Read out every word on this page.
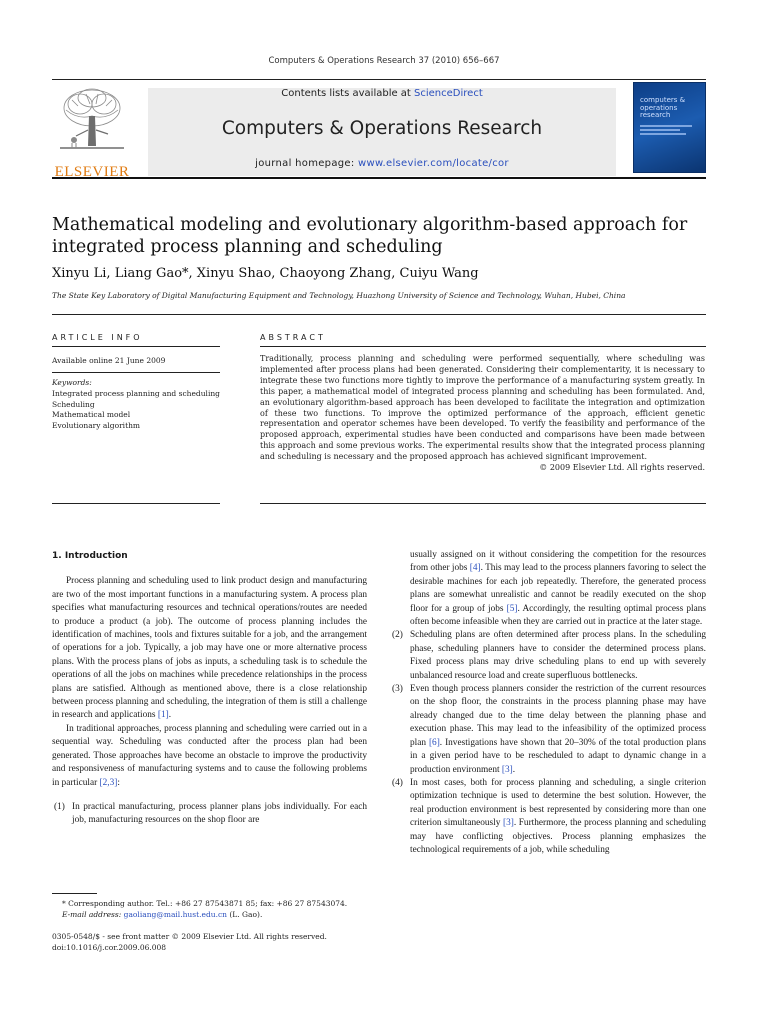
Computers & Operations Research 37 (2010) 656–667
ELSEVIER
Contents lists available at ScienceDirect
Computers & Operations Research
journal homepage: www.elsevier.com/locate/cor
computers & operations research
Mathematical modeling and evolutionary algorithm-based approach for integrated process planning and scheduling
Xinyu Li, Liang Gao*, Xinyu Shao, Chaoyong Zhang, Cuiyu Wang
The State Key Laboratory of Digital Manufacturing Equipment and Technology, Huazhong University of Science and Technology, Wuhan, Hubei, China
ARTICLE INFO	ABSTRACT
Available online 21 June 2009
Keywords:
Integrated process planning and scheduling
Scheduling
Mathematical model
Evolutionary algorithm
Traditionally, process planning and scheduling were performed sequentially, where scheduling was implemented after process plans had been generated. Considering their complementarity, it is necessary to integrate these two functions more tightly to improve the performance of a manufacturing system greatly. In this paper, a mathematical model of integrated process planning and scheduling has been formulated. And, an evolutionary algorithm-based approach has been developed to facilitate the integration and optimization of these two functions. To improve the optimized performance of the approach, efficient genetic representation and operator schemes have been developed. To verify the feasibility and performance of the proposed approach, experimental studies have been conducted and comparisons have been made between this approach and some previous works. The experimental results show that the integrated process planning and scheduling is necessary and the proposed approach has achieved significant improvement.
© 2009 Elsevier Ltd. All rights reserved.
1. Introduction

Process planning and scheduling used to link product design and manufacturing are two of the most important functions in a manufacturing system. A process plan specifies what manufacturing resources and technical operations/routes are needed to produce a product (a job). The outcome of process planning includes the identification of machines, tools and fixtures suitable for a job, and the arrangement of operations for a job. Typically, a job may have one or more alternative process plans. With the process plans of jobs as inputs, a scheduling task is to schedule the operations of all the jobs on machines while precedence relationships in the process plans are satisfied. Although as mentioned above, there is a close relationship between process planning and scheduling, the integration of them is still a challenge in research and applications [1].

In traditional approaches, process planning and scheduling were carried out in a sequential way. Scheduling was conducted after the process plan had been generated. Those approaches have become an obstacle to improve the productivity and responsiveness of manufacturing systems and to cause the following problems in particular [2,3]:

(1) In practical manufacturing, process planner plans jobs individually. For each job, manufacturing resources on the shop floor are

usually assigned on it without considering the competition for the resources from other jobs [4]. This may lead to the process planners favoring to select the desirable machines for each job repeatedly. Therefore, the generated process plans are somewhat unrealistic and cannot be readily executed on the shop floor for a group of jobs [5]. Accordingly, the resulting optimal process plans often become infeasible when they are carried out in practice at the later stage.

(2) Scheduling plans are often determined after process plans. In the scheduling phase, scheduling planners have to consider the determined process plans. Fixed process plans may drive scheduling plans to end up with severely unbalanced resource load and create superfluous bottlenecks.

(3) Even though process planners consider the restriction of the current resources on the shop floor, the constraints in the process planning phase may have already changed due to the time delay between the planning phase and execution phase. This may lead to the infeasibility of the optimized process plan [6]. Investigations have shown that 20–30% of the total production plans in a given period have to be rescheduled to adapt to dynamic change in a production environment [3].

(4) In most cases, both for process planning and scheduling, a single criterion optimization technique is used to determine the best solution. However, the real production environment is best represented by considering more than one criterion simultaneously [3]. Furthermore, the process planning and scheduling may have conflicting objectives. Process planning emphasizes the technological requirements of a job, while scheduling

* Corresponding author. Tel.: +86 27 87543871 85; fax: +86 27 87543074.
E-mail address: gaoliang@mail.hust.edu.cn (L. Gao).
0305-0548/$ - see front matter © 2009 Elsevier Ltd. All rights reserved.
doi:10.1016/j.cor.2009.06.008
